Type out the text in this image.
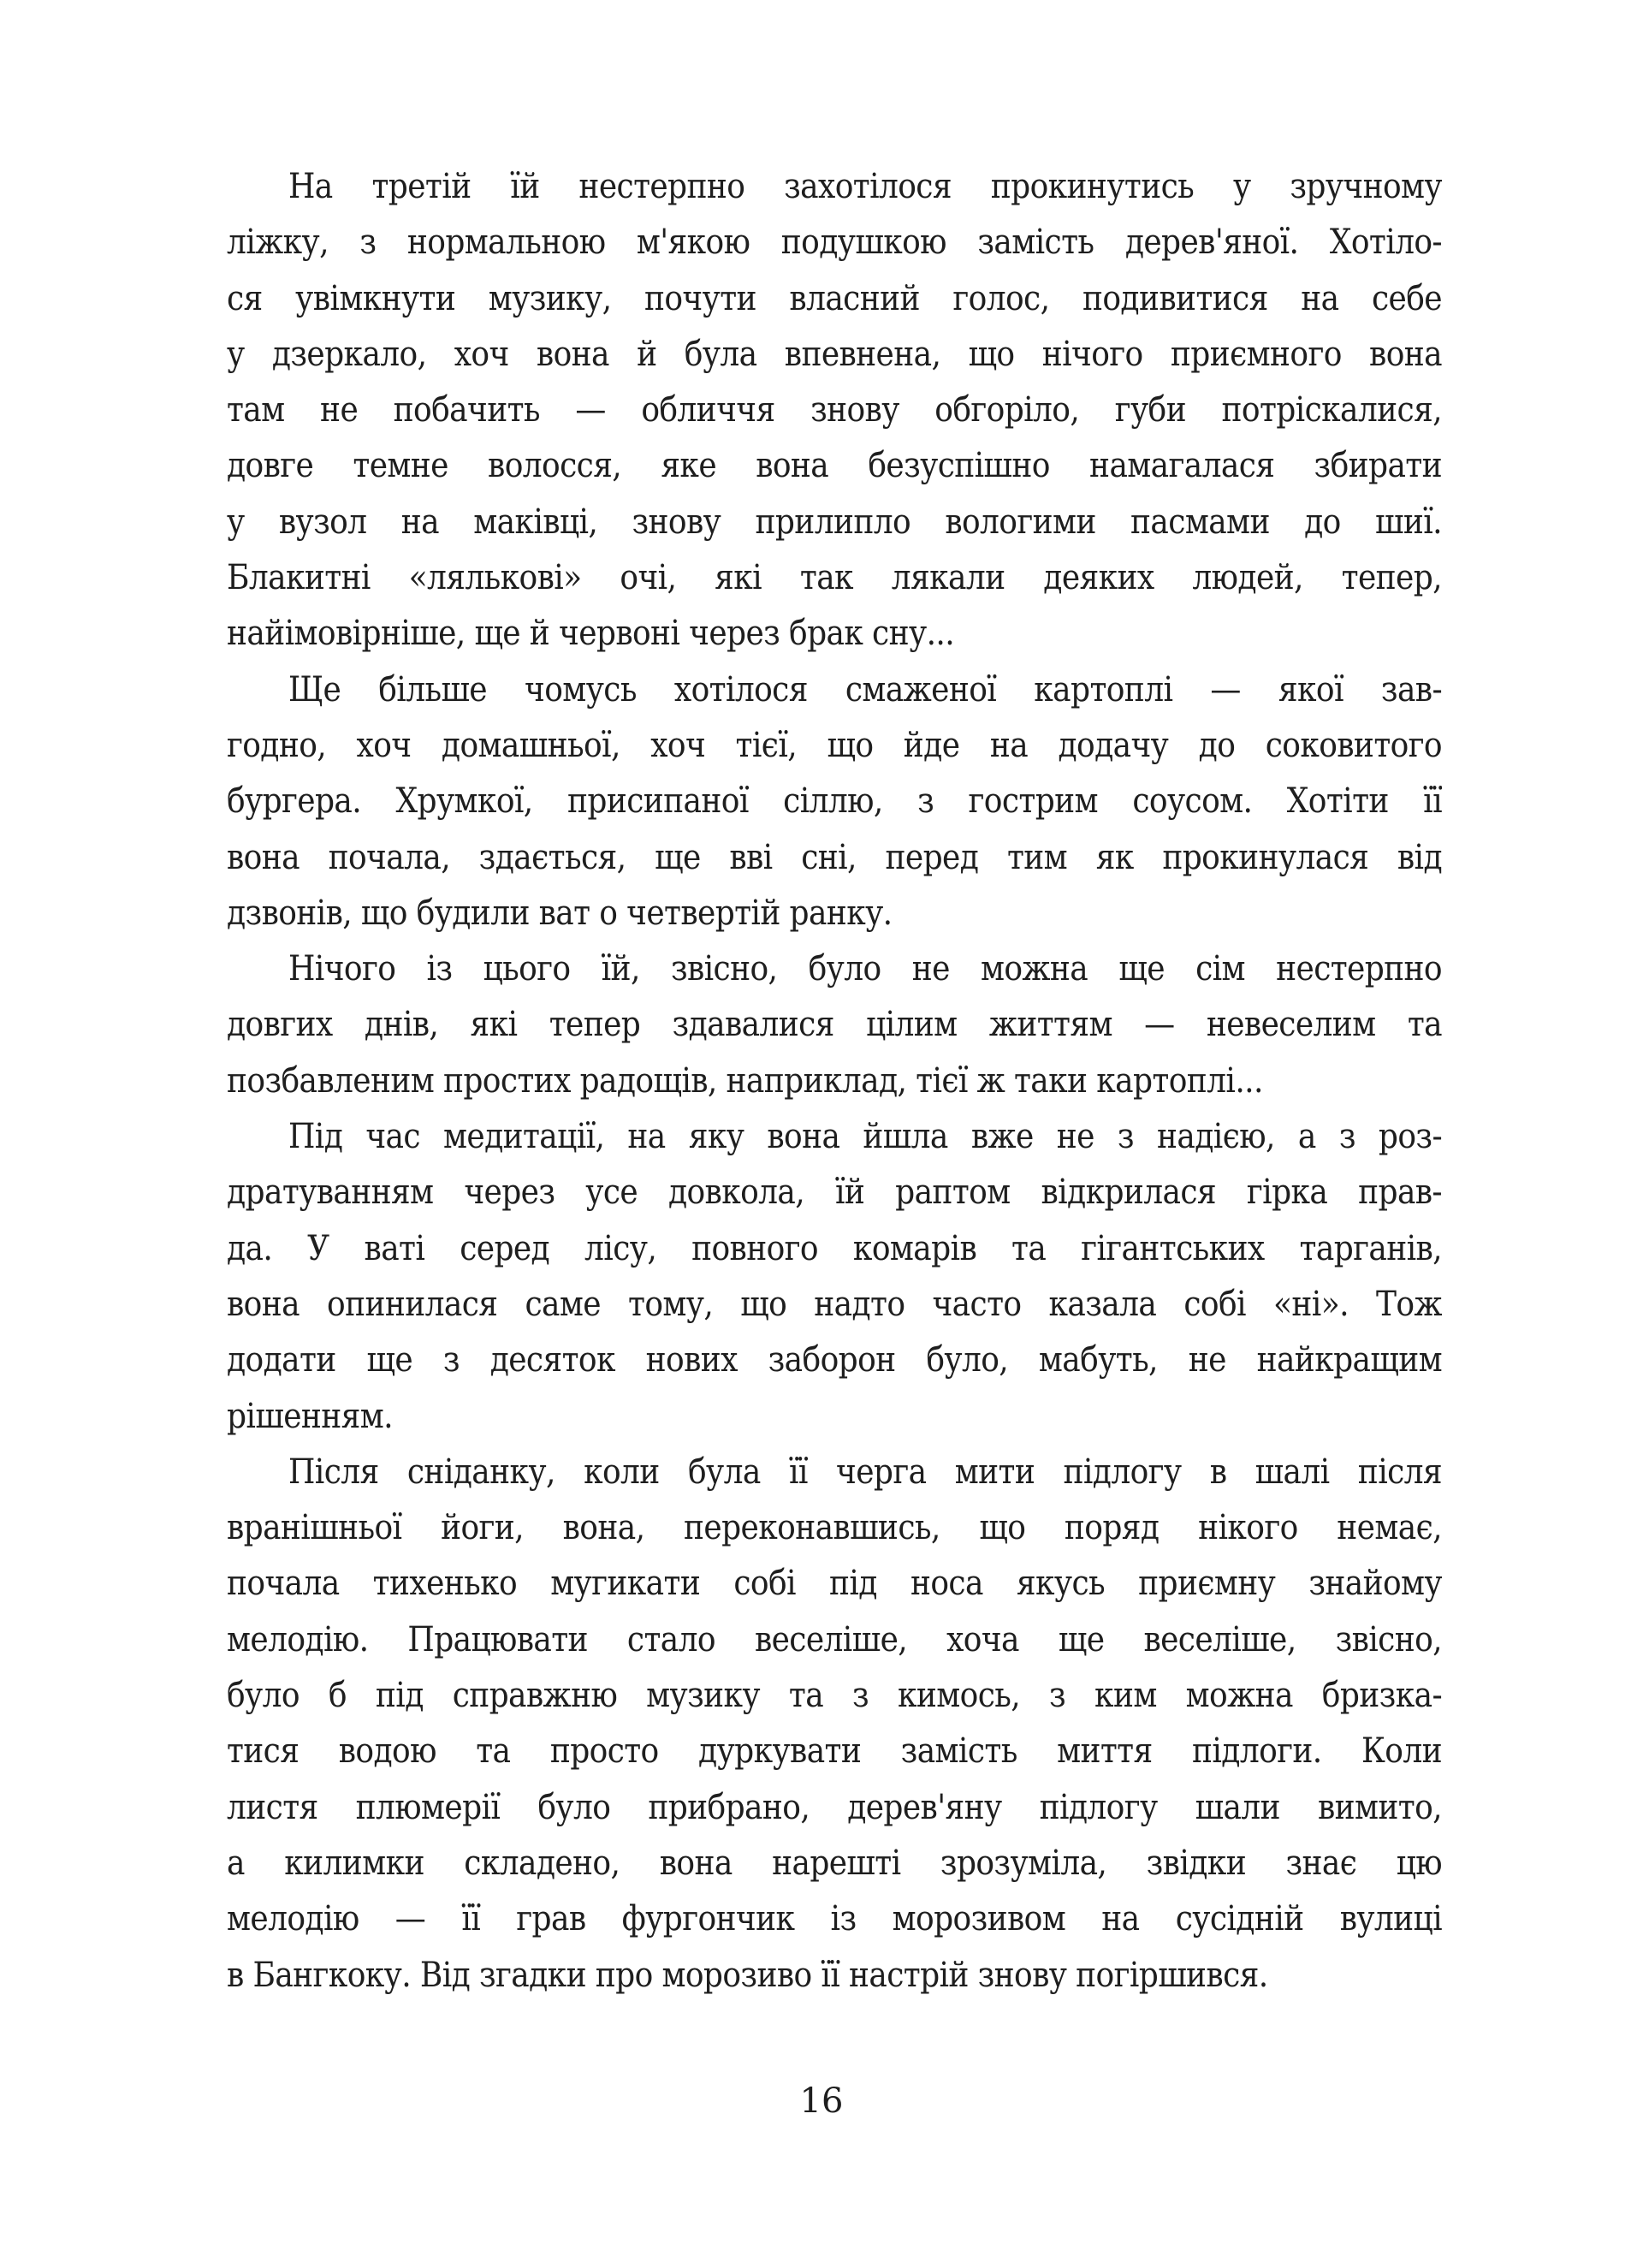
На третій їй нестерпно захотілося прокинутись у зручному
ліжку, з нормальною м'якою подушкою замість дерев'яної. Хотіло-
ся увімкнути музику, почути власний голос, подивитися на себе
у дзеркало, хоч вона й була впевнена, що нічого приємного вона
там не побачить — обличчя знову обгоріло, губи потріскалися,
довге темне волосся, яке вона безуспішно намагалася збирати
у вузол на маківці, знову прилипло вологими пасмами до шиї.
Блакитні «ляльковi» очі, які так лякали деяких людей, тепер,
найімовірніше, ще й червоні через брак сну...
Ще більше чомусь хотілося смаженої картоплі — якої зав-
годно, хоч домашньої, хоч тієї, що йде на додачу до соковитого
бургера. Хрумкої, присипаної сіллю, з гострим соусом. Хотіти її
вона почала, здається, ще вві сні, перед тим як прокинулася від
дзвонів, що будили ват о четвертій ранку.
Нічого із цього їй, звісно, було не можна ще сім нестерпно
довгих днів, які тепер здавалися цілим життям — невеселим та
позбавленим простих радощів, наприклад, тієї ж таки картоплі...
Під час медитації, на яку вона йшла вже не з надією, а з роз-
дратуванням через усе довкола, їй раптом відкрилася гірка прав-
да. У ваті серед лісу, повного комарів та гігантських тарганів,
вона опинилася саме тому, що надто часто казала собі «ні». Тож
додати ще з десяток нових заборон було, мабуть, не найкращим
рішенням.
Після сніданку, коли була її черга мити підлогу в шалі після
вранішньої йоги, вона, переконавшись, що поряд нікого немає,
почала тихенько мугикати собі під носа якусь приємну знайому
мелодію. Працювати стало веселіше, хоча ще веселіше, звісно,
було б під справжню музику та з кимось, з ким можна бризка-
тися водою та просто дуркувати замість миття підлоги. Коли
листя плюмерії було прибрано, дерев'яну підлогу шали вимито,
а килимки складено, вона нарешті зрозуміла, звідки знає цю
мелодію — її грав фургончик із морозивом на сусідній вулиці
в Бангкоку. Від згадки про морозиво її настрій знову погіршився.
16
